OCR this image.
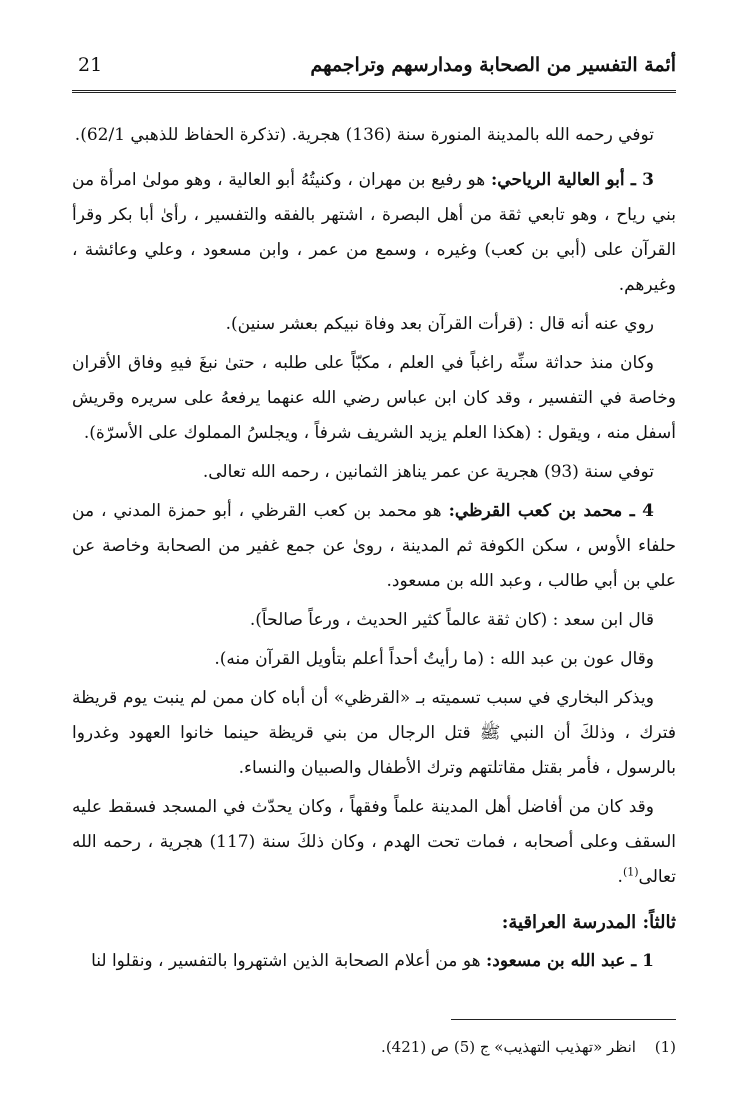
أئمة التفسير من الصحابة ومدارسهم وتراجمهم
21

توفي رحمه الله بالمدينة المنورة سنة (136) هجرية. (تذكرة الحفاظ للذهبي 62/1).

3 ـ أبو العالية الرياحي: هو رفيع بن مهران ، وكنيتُهُ أبو العالية ، وهو مولىٰ امرأة من بني رياح ، وهو تابعي ثقة من أهل البصرة ، اشتهر بالفقه والتفسير ، رأىٰ أبا بكر وقرأ القرآن على (أبي بن كعب) وغيره ، وسمع من عمر ، وابن مسعود ، وعلي وعائشة ، وغيرهم.

روي عنه أنه قال : (قرأت القرآن بعد وفاة نبيكم بعشر سنين).

وكان منذ حداثة سنِّه راغباً في العلم ، مكبّاً على طلبه ، حتىٰ نبغَ فيهِ وفاق الأقران وخاصة في التفسير ، وقد كان ابن عباس رضي الله عنهما يرفعهُ على سريره وقريش أسفل منه ، ويقول : (هكذا العلم يزيد الشريف شرفاً ، ويجلسُ المملوك على الأسرّة).

توفي سنة (93) هجرية عن عمر يناهز الثمانين ، رحمه الله تعالى.

4 ـ محمد بن كعب القرظي: هو محمد بن كعب القرظي ، أبو حمزة المدني ، من حلفاء الأوس ، سكن الكوفة ثم المدينة ، روىٰ عن جمع غفير من الصحابة وخاصة عن علي بن أبي طالب ، وعبد الله بن مسعود.

قال ابن سعد : (كان ثقة عالماً كثير الحديث ، ورعاً صالحاً).

وقال عون بن عبد الله : (ما رأيتُ أحداً أعلم بتأويل القرآن منه).

ويذكر البخاري في سبب تسميته بـ «القرظي» أن أباه كان ممن لم ينبت يوم قريظة فترك ، وذلكَ أن النبي ﷺ قتل الرجال من بني قريظة حينما خانوا العهود وغدروا بالرسول ، فأمر بقتل مقاتلتهم وترك الأطفال والصبيان والنساء.

وقد كان من أفاضل أهل المدينة علماً وفقهاً ، وكان يحدّث في المسجد فسقط عليه السقف وعلى أصحابه ، فمات تحت الهدم ، وكان ذلكَ سنة (117) هجرية ، رحمه الله تعالى$^{(1)}$.

ثالثاً: المدرسة العراقية:

1 ـ عبد الله بن مسعود: هو من أعلام الصحابة الذين اشتهروا بالتفسير ، ونقلوا لنا

(1) انظر «تهذيب التهذيب» ج (5) ص (421).
